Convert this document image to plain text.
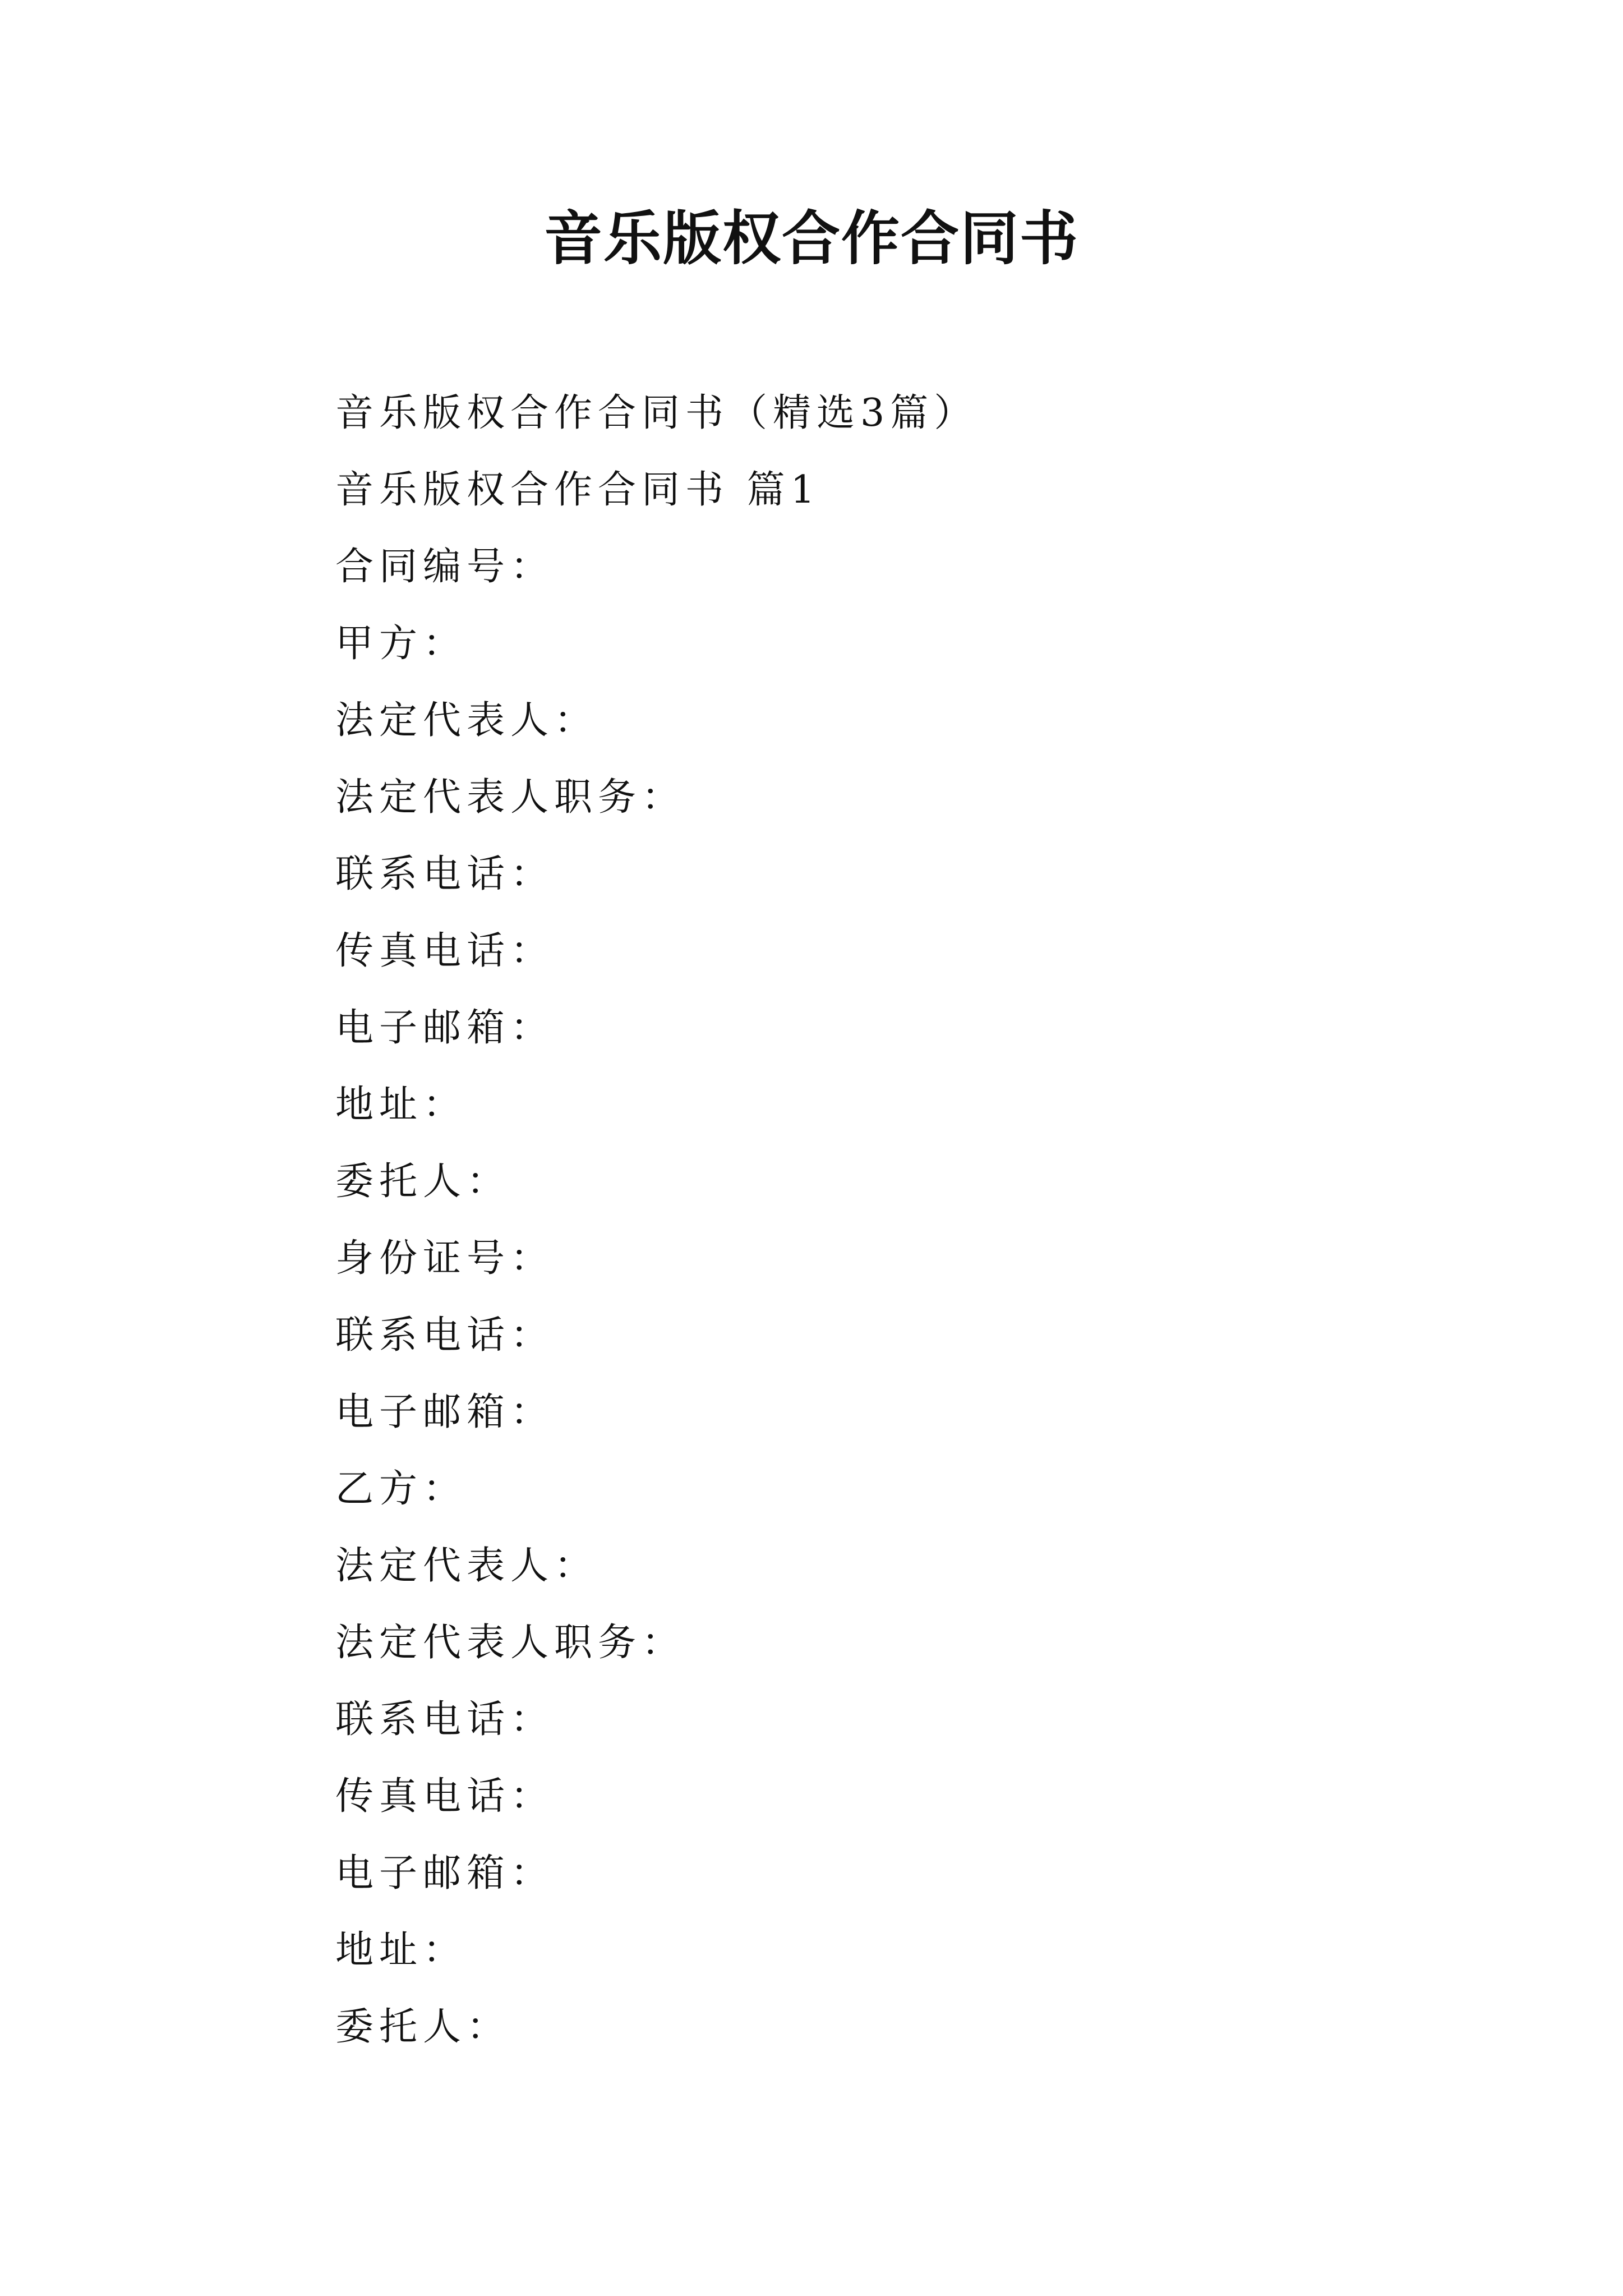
音乐版权合作合同书
音乐版权合作合同书（精选3篇）
音乐版权合作合同书 篇1
合同编号：
甲方：
法定代表人：
法定代表人职务：
联系电话：
传真电话：
电子邮箱：
地址：
委托人：
身份证号：
联系电话：
电子邮箱：
乙方：
法定代表人：
法定代表人职务：
联系电话：
传真电话：
电子邮箱：
地址：
委托人：
